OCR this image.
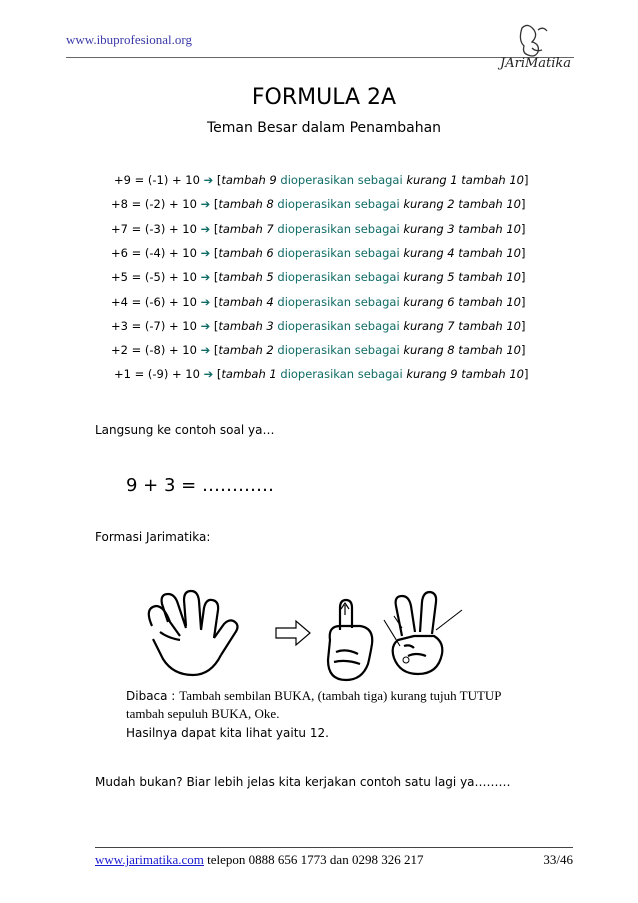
www.ibuprofesional.org
JAriMatika
FORMULA 2A
Teman Besar dalam Penambahan
+9 = (-1) + 10 ➔ [tambah 9 dioperasikan sebagai kurang 1 tambah 10]
+8 = (-2) + 10 ➔ [tambah 8 dioperasikan sebagai kurang 2 tambah 10]
+7 = (-3) + 10 ➔ [tambah 7 dioperasikan sebagai kurang 3 tambah 10]
+6 = (-4) + 10 ➔ [tambah 6 dioperasikan sebagai kurang 4 tambah 10]
+5 = (-5) + 10 ➔ [tambah 5 dioperasikan sebagai kurang 5 tambah 10]
+4 = (-6) + 10 ➔ [tambah 4 dioperasikan sebagai kurang 6 tambah 10]
+3 = (-7) + 10 ➔ [tambah 3 dioperasikan sebagai kurang 7 tambah 10]
+2 = (-8) + 10 ➔ [tambah 2 dioperasikan sebagai kurang 8 tambah 10]
+1 = (-9) + 10 ➔ [tambah 1 dioperasikan sebagai kurang 9 tambah 10]
Langsung ke contoh soal ya…
9 + 3 = …………
Formasi Jarimatika:
Dibaca : Tambah sembilan BUKA, (tambah tiga) kurang tujuh TUTUP tambah sepuluh BUKA, Oke.
Hasilnya dapat kita lihat yaitu 12.
Mudah bukan? Biar lebih jelas kita kerjakan contoh satu lagi ya………
www.jarimatika.com telepon 0888 656 1773 dan 0298 326 217	33/46
